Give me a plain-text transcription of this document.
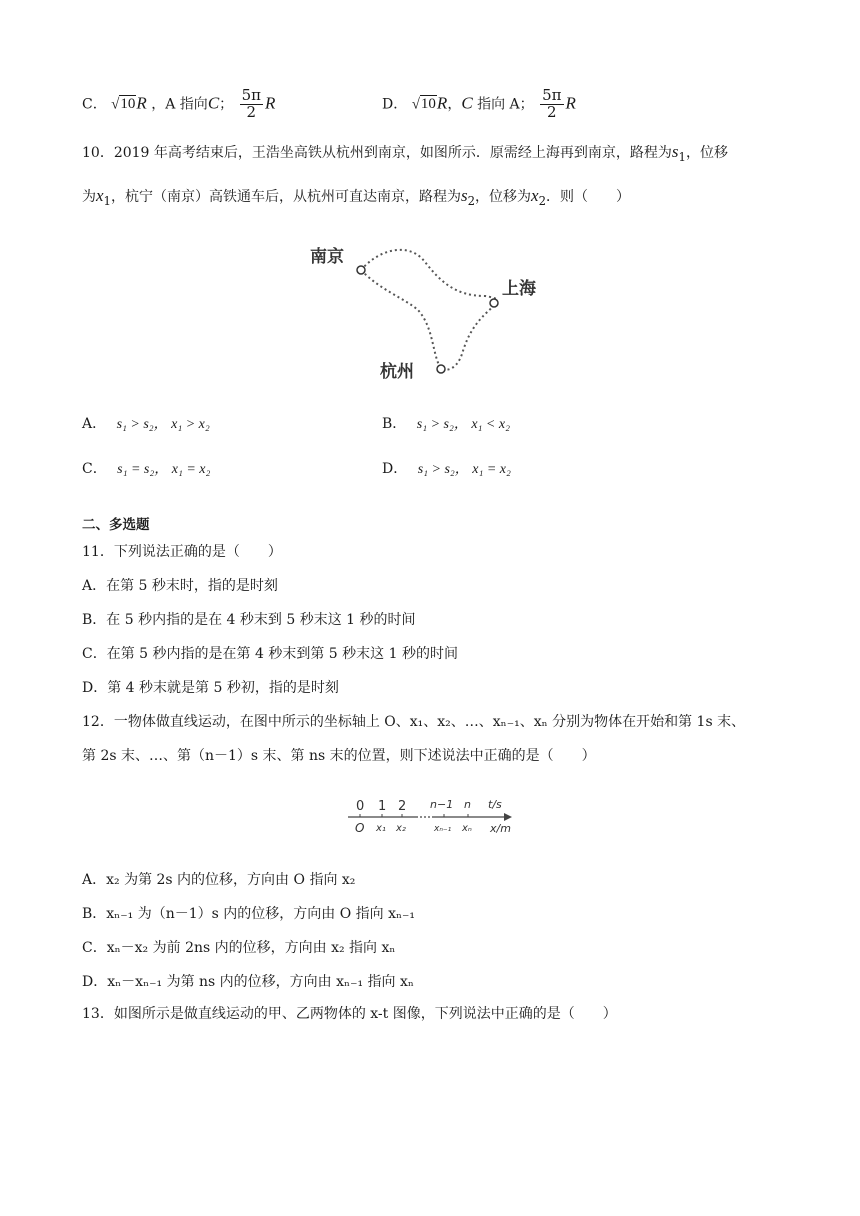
C． √10R ，A 指向C； $\frac{5\pi}{2}$ R	D． √10R，C 指向 A； $\frac{5\pi}{2}$ R
10．2019 年高考结束后，王浩坐高铁从杭州到南京，如图所示．原需经上海再到南京，路程为$s_1$，位移
为$x_1$，杭宁（南京）高铁通车后，从杭州可直达南京，路程为$s_2$，位移为$x_2$．则（　　）
南京
上海
杭州
A． s₁ > s₂， x₁ > x₂	B． s₁ > s₂， x₁ < x₂
C． s₁ = s₂， x₁ = x₂	D． s₁ > s₂， x₁ = x₂
二、多选题
11．下列说法正确的是（　　）
A．在第 5 秒末时，指的是时刻
B．在 5 秒内指的是在 4 秒末到 5 秒末这 1 秒的时间
C．在第 5 秒内指的是在第 4 秒末到第 5 秒末这 1 秒的时间
D．第 4 秒末就是第 5 秒初，指的是时刻
12．一物体做直线运动，在图中所示的坐标轴上 O、x₁、x₂、…、xₙ₋₁、xₙ 分别为物体在开始和第 1s 末、
第 2s 末、…、第（n－1）s 末、第 ns 末的位置，则下述说法中正确的是（　　）
0 1 2 n−1 n t/s
O x₁ x₂	xₙ₋₁ xₙ x/m
A．x₂ 为第 2s 内的位移，方向由 O 指向 x₂
B．xₙ₋₁ 为（n－1）s 内的位移，方向由 O 指向 xₙ₋₁
C．xₙ－x₂ 为前 2ns 内的位移，方向由 x₂ 指向 xₙ
D．xₙ－xₙ₋₁ 为第 ns 内的位移，方向由 xₙ₋₁ 指向 xₙ
13．如图所示是做直线运动的甲、乙两物体的 x-t 图像，下列说法中正确的是（　　）
